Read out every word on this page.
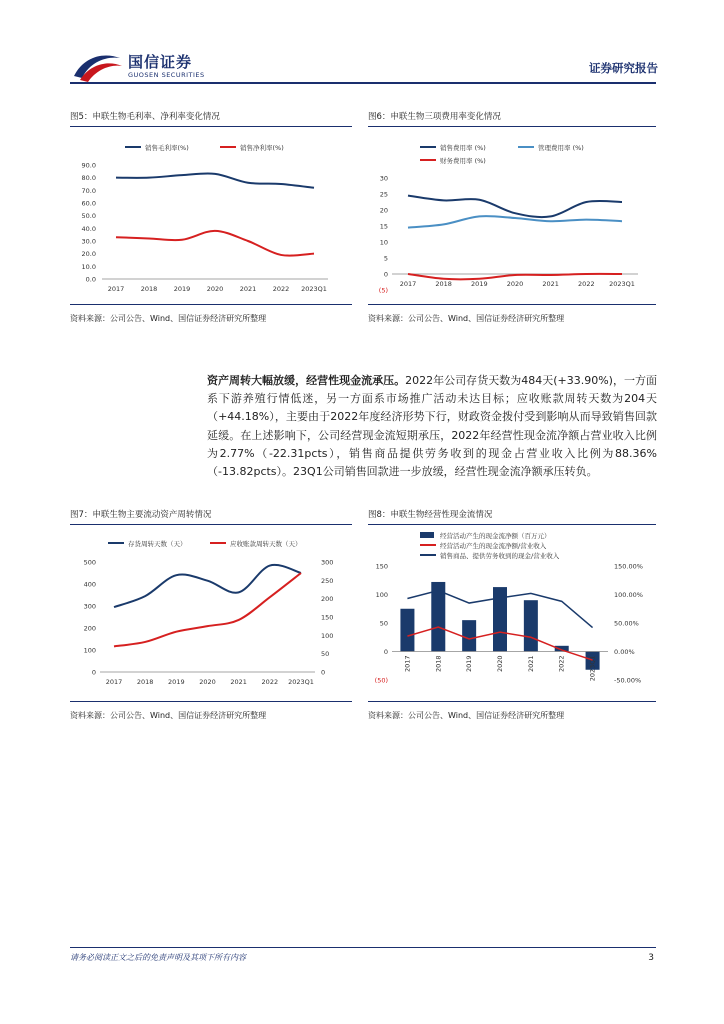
国信证券
GUOSEN SECURITIES	证券研究报告
图5：申联生物毛利率、净利率变化情况
0.0
10.0
20.0
30.0
40.0
50.0
60.0
70.0
80.0
90.0
2017	2018	2019	2020	2021	2022 2023Q1
销售毛利率(%)	销售净利率(%)
资料来源：公司公告、Wind、国信证券经济研究所整理
图6：申联生物三项费用率变化情况
(5)
0
5
10
15
20
25
30
2017	2018	2019	2020	2021	2022 2023Q1
销售费用率 (%)	管理费用率 (%)
财务费用率 (%)
资料来源：公司公告、Wind、国信证券经济研究所整理
资产周转大幅放缓，经营性现金流承压。2022年公司存货天数为484天(+33.90%)，一方面系下游养殖行情低迷，另一方面系市场推广活动未达目标；应收账款周转天数为204天（+44.18%），主要由于2022年度经济形势下行，财政资金拨付受到影响从而导致销售回款延缓。在上述影响下，公司经营现金流短期承压，2022年经营性现金流净额占营业收入比例为2.77%（-22.31pcts），销售商品提供劳务收到的现金占营业收入比例为88.36%（-13.82pcts）。23Q1公司销售回款进一步放缓，经营性现金流净额承压转负。
图7：申联生物主要流动资产周转情况
0
100
200
300
400
500
0
50
100
150
200
250
300
2017 2018 2019 2020 2021 2022 2023Q1
存货周转天数（天）	应收账款周转天数（天）
资料来源：公司公告、Wind、国信证券经济研究所整理
图8：申联生物经营性现金流情况
(50)
0
50
100
150
-50.00%
0.00%
50.00%
100.00%
150.00%
2017	2018	2019	2020	2021	2022	2023Q1
经营活动产生的现金流净额（百万元）
经营活动产生的现金流净额/营业收入
销售商品、提供劳务收到的现金/营业收入
资料来源：公司公告、Wind、国信证券经济研究所整理
请务必阅读正文之后的免责声明及其项下所有内容	3
